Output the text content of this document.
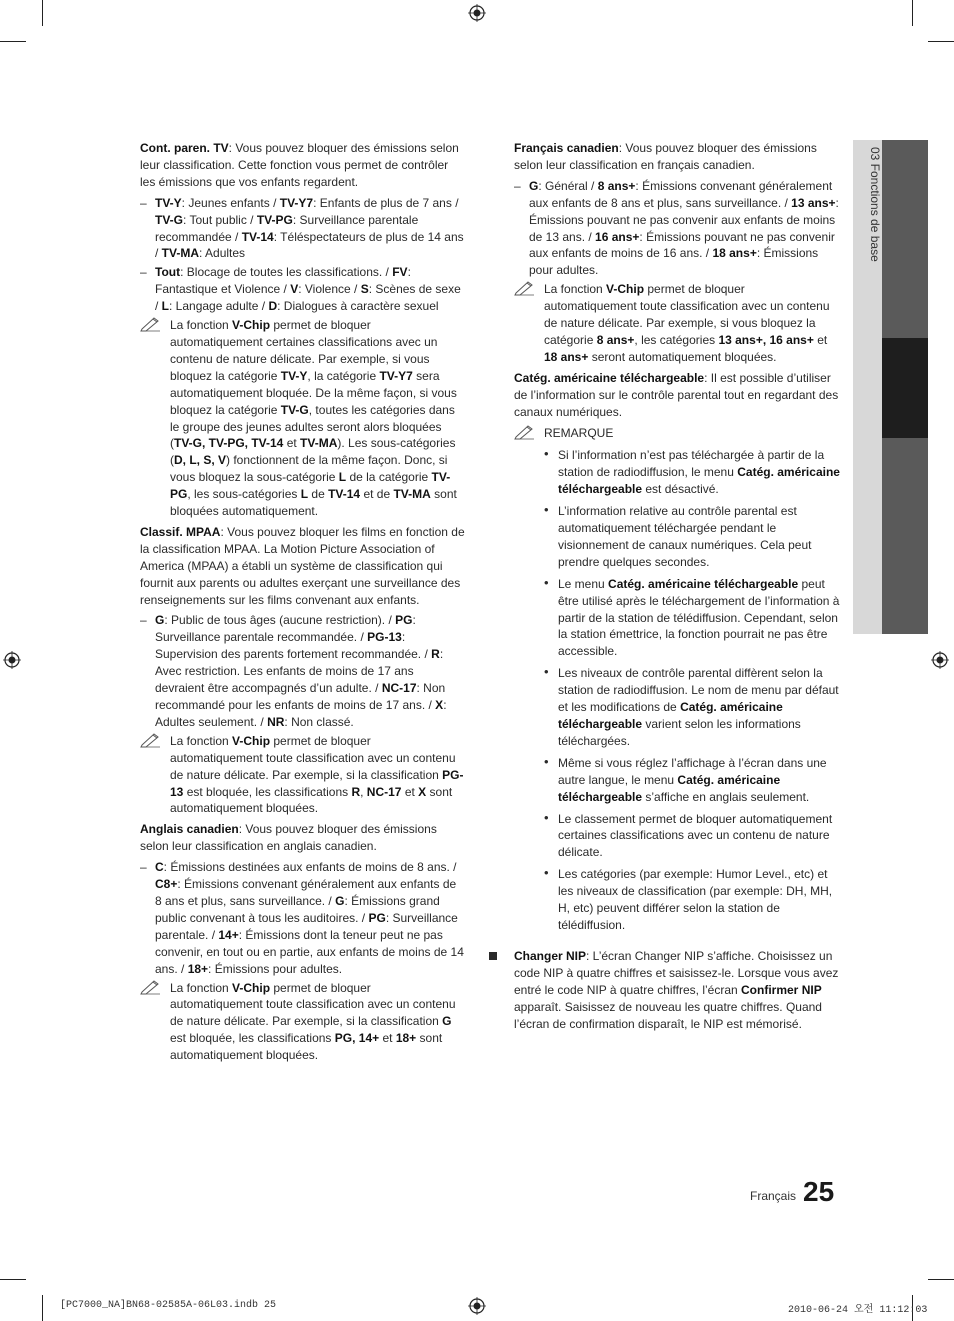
03 Fonctions de base

Cont. paren. TV: Vous pouvez bloquer des émissions selon leur classification. Cette fonction vous permet de contrôler les émissions que vos enfants regardent.

– TV-Y: Jeunes enfants / TV-Y7: Enfants de plus de 7 ans / TV-G: Tout public / TV-PG: Surveillance parentale recommandée / TV-14: Téléspectateurs de plus de 14 ans / TV-MA: Adultes
– Tout: Blocage de toutes les classifications. / FV: Fantastique et Violence / V: Violence / S: Scènes de sexe / L: Langage adulte / D: Dialogues à caractère sexuel
La fonction V-Chip permet de bloquer automatiquement certaines classifications avec un contenu de nature délicate. Par exemple, si vous bloquez la catégorie TV-Y, la catégorie TV-Y7 sera automatiquement bloquée. De la même façon, si vous bloquez la catégorie TV-G, toutes les catégories dans le groupe des jeunes adultes seront alors bloquées (TV-G, TV-PG, TV-14 et TV-MA). Les sous-catégories (D, L, S, V) fonctionnent de la même façon. Donc, si vous bloquez la sous-catégorie L de la catégorie TV-PG, les sous-catégories L de TV-14 et de TV-MA sont bloquées automatiquement.

Classif. MPAA: Vous pouvez bloquer les films en fonction de la classification MPAA. La Motion Picture Association of America (MPAA) a établi un système de classification qui fournit aux parents ou adultes exerçant une surveillance des renseignements sur les films convenant aux enfants.

– G: Public de tous âges (aucune restriction). / PG: Surveillance parentale recommandée. / PG-13: Supervision des parents fortement recommandée. / R: Avec restriction. Les enfants de moins de 17 ans devraient être accompagnés d’un adulte. / NC-17: Non recommandé pour les enfants de moins de 17 ans. / X: Adultes seulement. / NR: Non classé.
La fonction V-Chip permet de bloquer automatiquement toute classification avec un contenu de nature délicate. Par exemple, si la classification PG-13 est bloquée, les classifications R, NC-17 et X sont automatiquement bloquées.

Anglais canadien: Vous pouvez bloquer des émissions selon leur classification en anglais canadien.

– C: Émissions destinées aux enfants de moins de 8 ans. / C8+: Émissions convenant généralement aux enfants de 8 ans et plus, sans surveillance. / G: Émissions grand public convenant à tous les auditoires. / PG: Surveillance parentale. / 14+: Émissions dont la teneur peut ne pas convenir, en tout ou en partie, aux enfants de moins de 14 ans. / 18+: Émissions pour adultes.
La fonction V-Chip permet de bloquer automatiquement toute classification avec un contenu de nature délicate. Par exemple, si la classification G est bloquée, les classifications PG, 14+ et 18+ sont automatiquement bloquées.

Français canadien: Vous pouvez bloquer des émissions selon leur classification en français canadien.

– G: Général / 8 ans+: Émissions convenant généralement aux enfants de 8 ans et plus, sans surveillance. / 13 ans+: Émissions pouvant ne pas convenir aux enfants de moins de 13 ans. / 16 ans+: Émissions pouvant ne pas convenir aux enfants de moins de 16 ans. / 18 ans+: Émissions pour adultes.
La fonction V-Chip permet de bloquer automatiquement toute classification avec un contenu de nature délicate. Par exemple, si vous bloquez la catégorie 8 ans+, les catégories 13 ans+, 16 ans+ et 18 ans+ seront automatiquement bloquées.

Catég. américaine téléchargeable: Il est possible d’utiliser de l’information sur le contrôle parental tout en regardant des canaux numériques.

REMARQUE
• Si l’information n’est pas téléchargée à partir de la station de radiodiffusion, le menu Catég. américaine téléchargeable est désactivé.
• L’information relative au contrôle parental est automatiquement téléchargée pendant le visionnement de canaux numériques. Cela peut prendre quelques secondes.
• Le menu Catég. américaine téléchargeable peut être utilisé après le téléchargement de l’information à partir de la station de télédiffusion. Cependant, selon la station émettrice, la fonction pourrait ne pas être accessible.
• Les niveaux de contrôle parental diffèrent selon la station de radiodiffusion. Le nom de menu par défaut et les modifications de Catég. américaine téléchargeable varient selon les informations téléchargées.
• Même si vous réglez l’affichage à l’écran dans une autre langue, le menu Catég. américaine téléchargeable s’affiche en anglais seulement.
• Le classement permet de bloquer automatiquement certaines classifications avec un contenu de nature délicate.
• Les catégories (par exemple: Humor Level., etc) et les niveaux de classification (par exemple: DH, MH, H, etc) peuvent différer selon la station de télédiffusion.
Changer NIP: L’écran Changer NIP s’affiche. Choisissez un code NIP à quatre chiffres et saisissez-le. Lorsque vous avez entré le code NIP à quatre chiffres, l’écran Confirmer NIP apparaît. Saisissez de nouveau les quatre chiffres. Quand l’écran de confirmation disparaît, le NIP est mémorisé.
Français 25
[PC7000_NA]BN68-02585A-06L03.indb 25	2010-06-24 오전 11:12:03
